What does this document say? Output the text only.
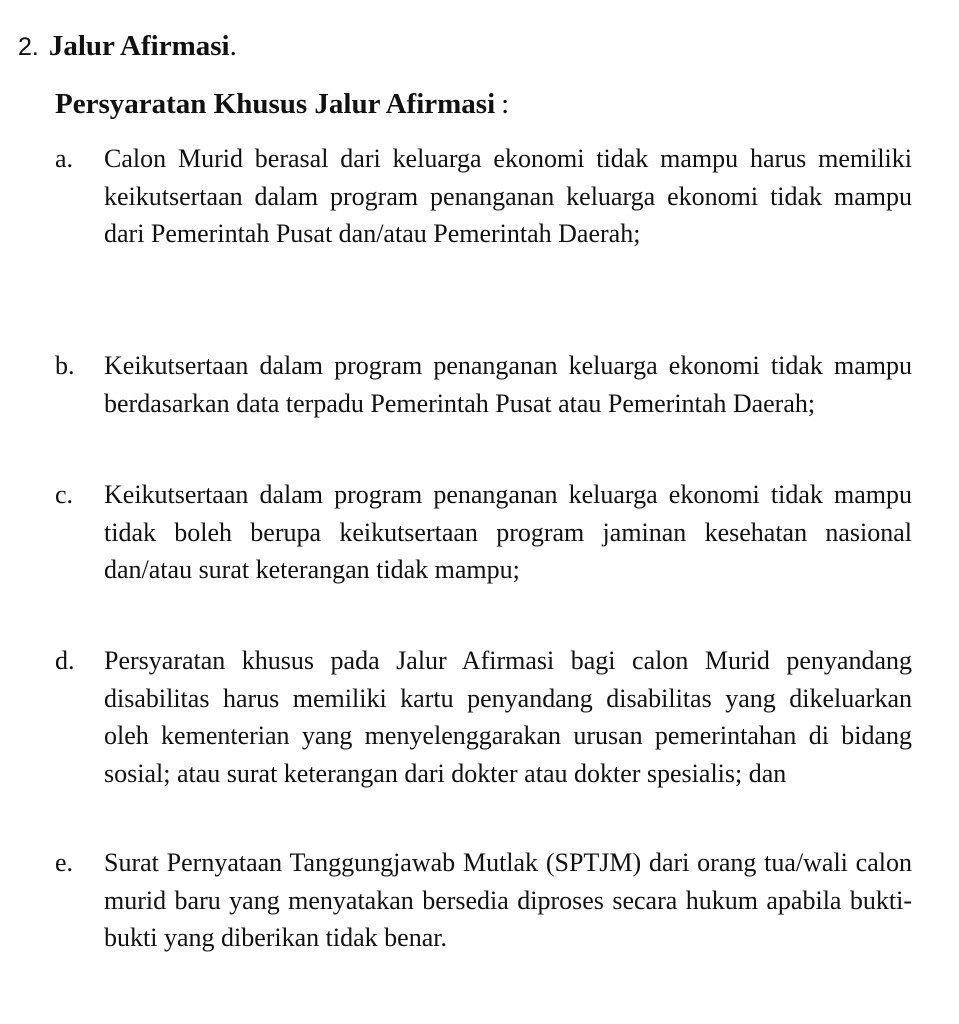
2. Jalur Afirmasi.
Persyaratan Khusus Jalur Afirmasi :
a.	Calon Murid berasal dari keluarga ekonomi tidak mampu harus memiliki keikutsertaan dalam program penanganan keluarga ekonomi tidak mampu dari Pemerintah Pusat dan/atau Pemerintah Daerah;
b.	Keikutsertaan dalam program penanganan keluarga ekonomi tidak mampu berdasarkan data terpadu Pemerintah Pusat atau Pemerintah Daerah;
c.	Keikutsertaan dalam program penanganan keluarga ekonomi tidak mampu tidak boleh berupa keikutsertaan program jaminan kesehatan nasional dan/atau surat keterangan tidak mampu;
d.	Persyaratan khusus pada Jalur Afirmasi bagi calon Murid penyandang disabilitas harus memiliki kartu penyandang disabilitas yang dikeluarkan oleh kementerian yang menyelenggarakan urusan pemerintahan di bidang sosial; atau surat keterangan dari dokter atau dokter spesialis; dan
e.	Surat Pernyataan Tanggungjawab Mutlak (SPTJM) dari orang tua/wali calon murid baru yang menyatakan bersedia diproses secara hukum apabila bukti-bukti yang diberikan tidak benar.
